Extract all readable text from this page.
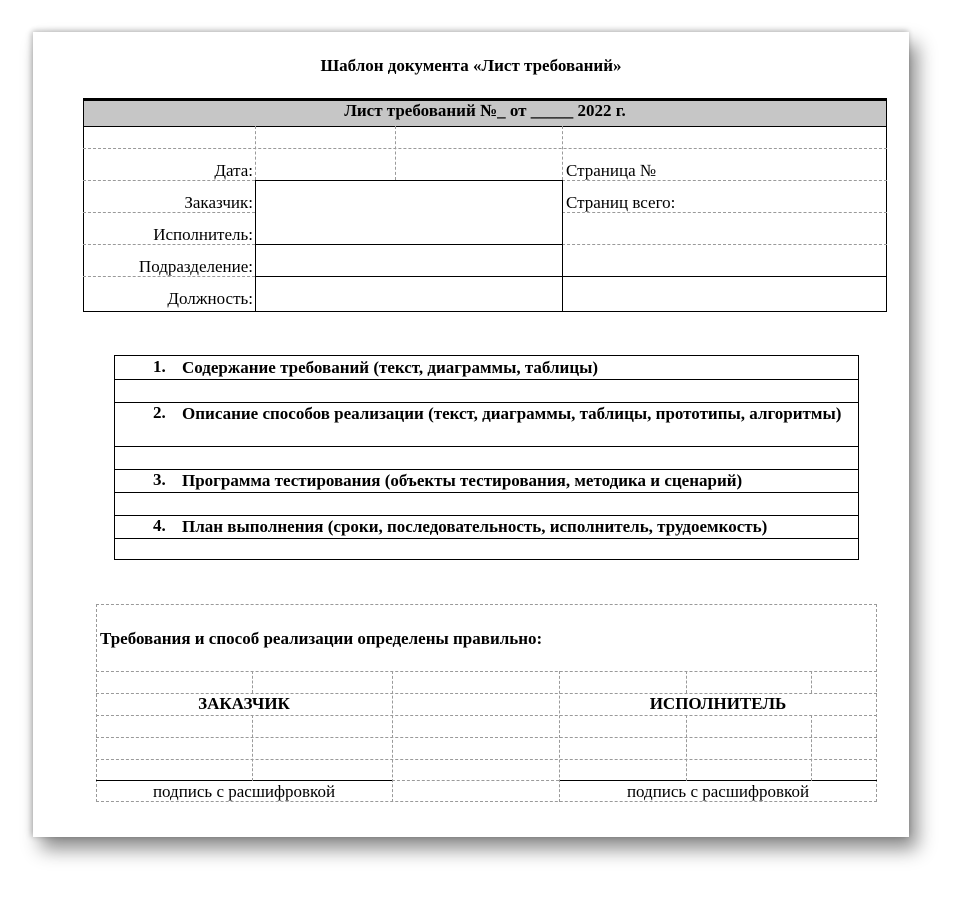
Шаблон документа «Лист требований»
Лист требований №_ от _____ 2022 г.
Дата:
Заказчик:
Исполнитель:
Подразделение:
Должность:
Страница №
Страниц всего:
1. Содержание требований (текст, диаграммы, таблицы)
2. Описание способов реализации (текст, диаграммы, таблицы, прототипы, алгоритмы)
3. Программа тестирования (объекты тестирования, методика и сценарий)
4. План выполнения (сроки, последовательность, исполнитель, трудоемкость)
Требования и способ реализации определены правильно:
ЗАКАЗЧИК	ИСПОЛНИТЕЛЬ
подпись с расшифровкой	подпись с расшифровкой
